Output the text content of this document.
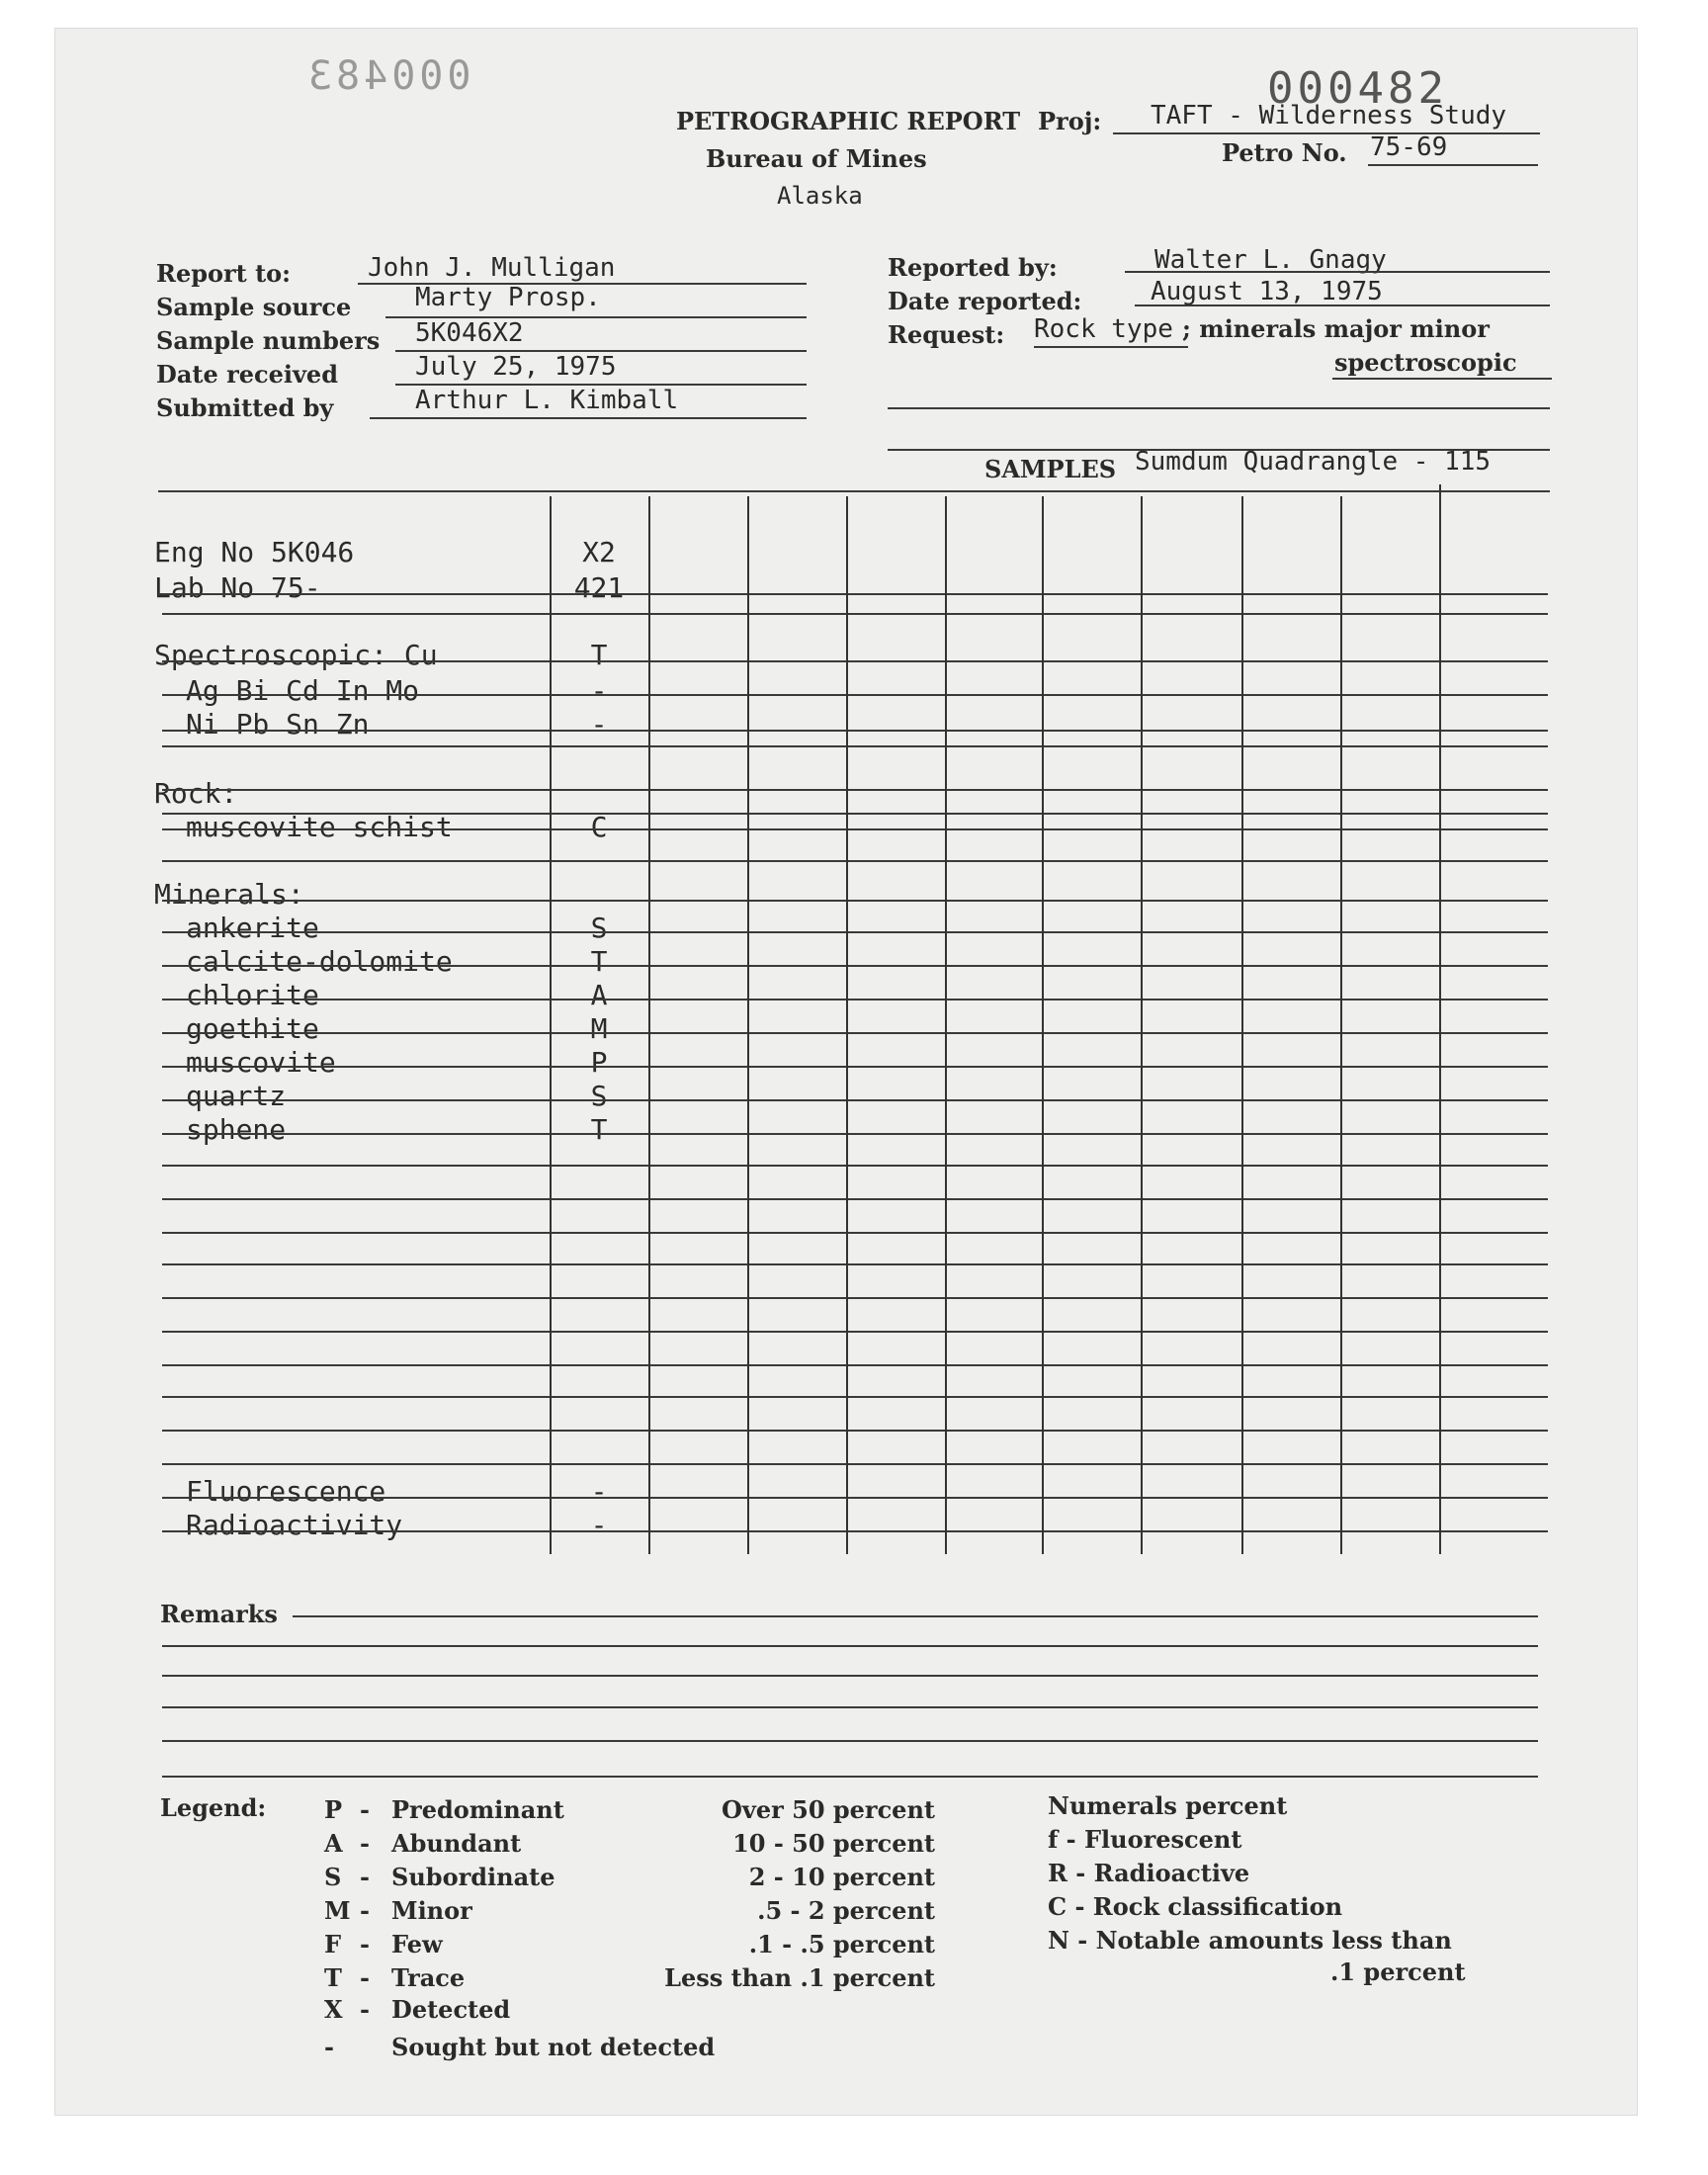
000483	000482
PETROGRAPHIC REPORT
Bureau of Mines
Alaska
Proj: TAFT - Wilderness Study
Petro No. 75-69
Report to:	John J. Mulligan
Sample source Marty Prosp.
Sample numbers 5K046X2
Date received	July 25, 1975
Submitted by	Arthur L. Kimball
Reported by:	Walter L. Gnagy
Date reported:	August 13, 1975
Request: Rock type ; minerals major minor
spectroscopic
SAMPLES Sumdum Quadrangle - 115
Eng No 5K046	X2
Lab No 75-	421
Spectroscopic: Cu	T
Ag Bi Cd In Mo	-
Ni Pb Sn Zn	-
Rock:
muscovite schist	C
Minerals:
ankerite	S
calcite-dolomite	T
chlorite	A
goethite	M
muscovite	P
quartz	S
sphene	T
Fluorescence	-
Radioactivity	-
Remarks
Legend: P - Predominant	Over 50 percent
A - Abundant	10 - 50 percent
S - Subordinate	2 - 10 percent
M - Minor	.5 - 2 percent
F - Few	.1 - .5 percent
T - Trace	Less than .1 percent
X - Detected
- Sought but not detected
Numerals percent
f - Fluorescent
R - Radioactive
C - Rock classification
N - Notable amounts less than
.1 percent
